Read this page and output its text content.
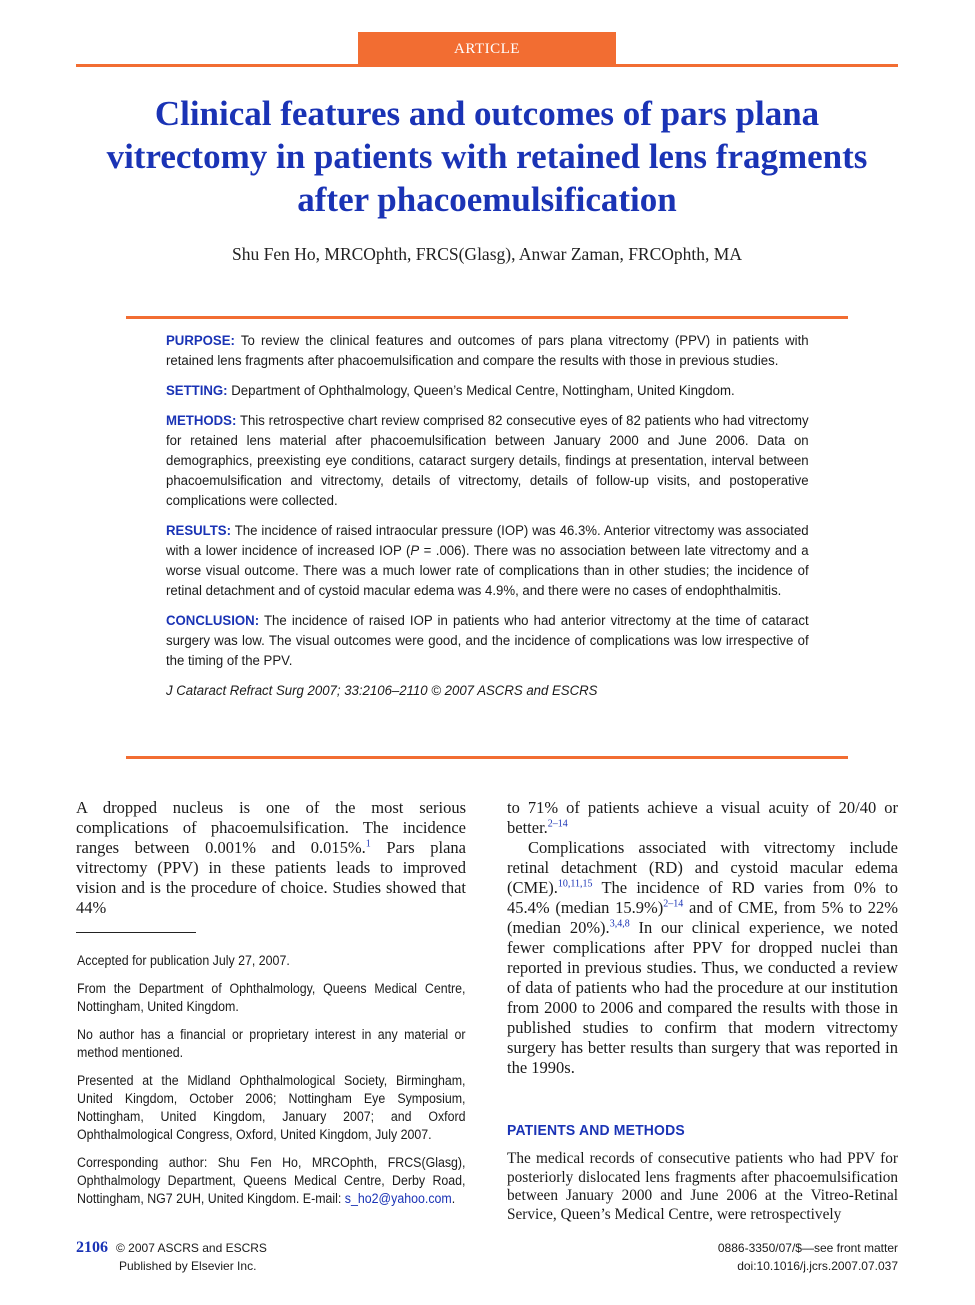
ARTICLE
Clinical features and outcomes of pars plana vitrectomy in patients with retained lens fragments after phacoemulsification
Shu Fen Ho, MRCOphth, FRCS(Glasg), Anwar Zaman, FRCOphth, MA

PURPOSE: To review the clinical features and outcomes of pars plana vitrectomy (PPV) in patients with retained lens fragments after phacoemulsification and compare the results with those in previous studies.

SETTING: Department of Ophthalmology, Queen’s Medical Centre, Nottingham, United Kingdom.

METHODS: This retrospective chart review comprised 82 consecutive eyes of 82 patients who had vitrectomy for retained lens material after phacoemulsification between January 2000 and June 2006. Data on demographics, preexisting eye conditions, cataract surgery details, findings at presentation, interval between phacoemulsification and vitrectomy, details of vitrectomy, details of follow-up visits, and postoperative complications were collected.

RESULTS: The incidence of raised intraocular pressure (IOP) was 46.3%. Anterior vitrectomy was associated with a lower incidence of increased IOP (P = .006). There was no association between late vitrectomy and a worse visual outcome. There was a much lower rate of complications than in other studies; the incidence of retinal detachment and of cystoid macular edema was 4.9%, and there were no cases of endophthalmitis.

CONCLUSION: The incidence of raised IOP in patients who had anterior vitrectomy at the time of cataract surgery was low. The visual outcomes were good, and the incidence of complications was low irrespective of the timing of the PPV.

J Cataract Refract Surg 2007; 33:2106–2110 © 2007 ASCRS and ESCRS

A dropped nucleus is one of the most serious complications of phacoemulsification. The incidence ranges between 0.001% and 0.015%.$^1$ Pars plana vitrectomy (PPV) in these patients leads to improved vision and is the procedure of choice. Studies showed that 44%

Accepted for publication July 27, 2007.

From the Department of Ophthalmology, Queens Medical Centre, Nottingham, United Kingdom.

No author has a financial or proprietary interest in any material or method mentioned.

Presented at the Midland Ophthalmological Society, Birmingham, United Kingdom, October 2006; Nottingham Eye Symposium, Nottingham, United Kingdom, January 2007; and Oxford Ophthalmological Congress, Oxford, United Kingdom, July 2007.

Corresponding author: Shu Fen Ho, MRCOphth, FRCS(Glasg), Ophthalmology Department, Queens Medical Centre, Derby Road, Nottingham, NG7 2UH, United Kingdom. E-mail: s_ho2@yahoo.com.

to 71% of patients achieve a visual acuity of 20/40 or better.$^{2-14}$

Complications associated with vitrectomy include retinal detachment (RD) and cystoid macular edema (CME).$^{10,11,15}$ The incidence of RD varies from 0% to 45.4% (median 15.9%)$^{2-14}$ and of CME, from 5% to 22% (median 20%).$^{3,4,8}$ In our clinical experience, we noted fewer complications after PPV for dropped nuclei than reported in previous studies. Thus, we conducted a review of data of patients who had the procedure at our institution from 2000 to 2006 and compared the results with those in published studies to confirm that modern vitrectomy surgery has better results than surgery that was reported in the 1990s.

PATIENTS AND METHODS

The medical records of consecutive patients who had PPV for posteriorly dislocated lens fragments after phacoemulsification between January 2000 and June 2006 at the Vitreo-Retinal Service, Queen’s Medical Centre, were retrospectively

2106 © 2007 ASCRS and ESCRS
Published by Elsevier Inc.
0886-3350/07/$—see front matter
doi:10.1016/j.jcrs.2007.07.037
